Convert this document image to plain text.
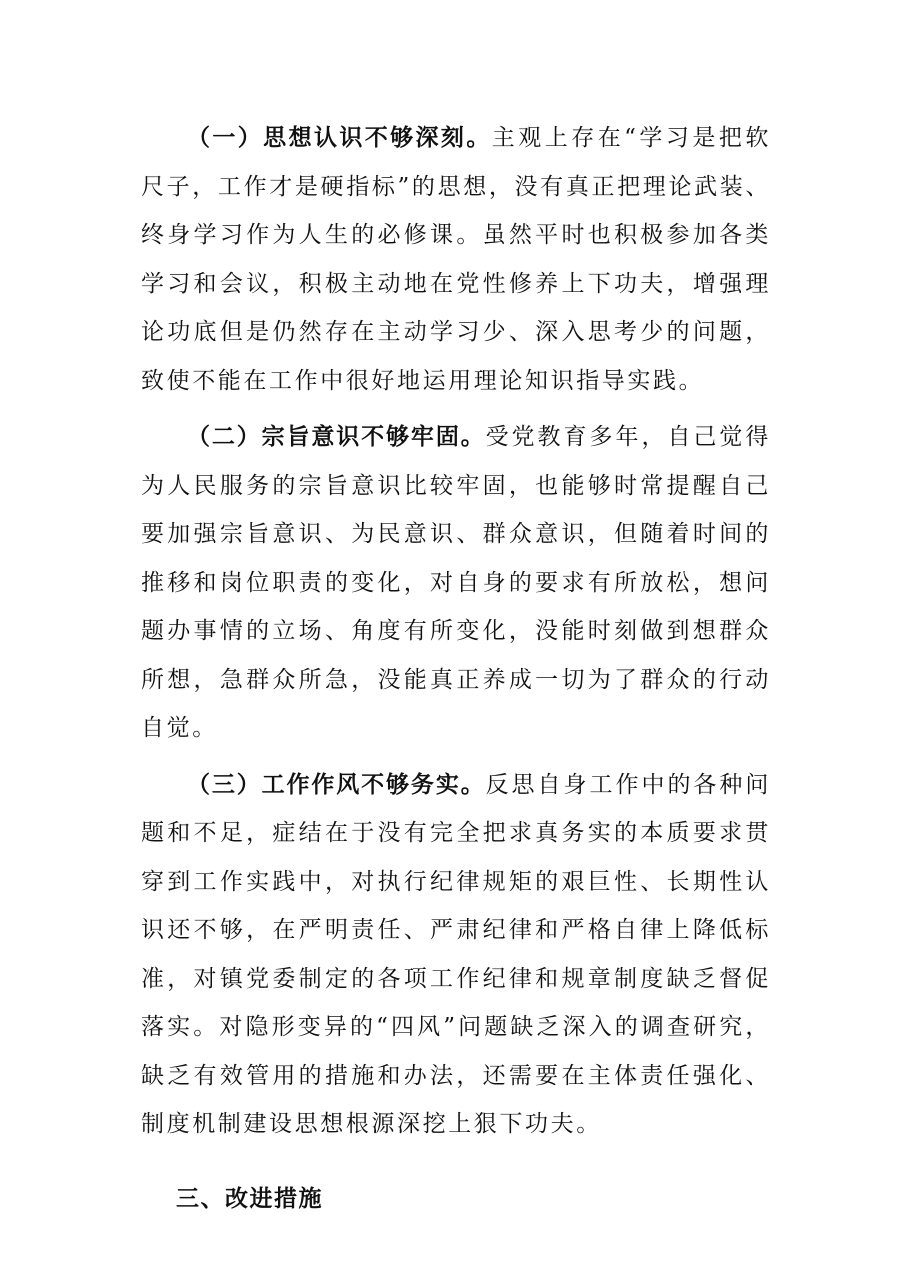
（一）思想认识不够深刻。主观上存在“学习是把软尺子，工作才是硬指标”的思想，没有真正把理论武装、终身学习作为人生的必修课。虽然平时也积极参加各类学习和会议，积极主动地在党性修养上下功夫，增强理论功底但是仍然存在主动学习少、深入思考少的问题，致使不能在工作中很好地运用理论知识指导实践。

（二）宗旨意识不够牢固。受党教育多年，自己觉得为人民服务的宗旨意识比较牢固，也能够时常提醒自己要加强宗旨意识、为民意识、群众意识，但随着时间的推移和岗位职责的变化，对自身的要求有所放松，想问题办事情的立场、角度有所变化，没能时刻做到想群众所想，急群众所急，没能真正养成一切为了群众的行动自觉。

（三）工作作风不够务实。反思自身工作中的各种问题和不足，症结在于没有完全把求真务实的本质要求贯穿到工作实践中，对执行纪律规矩的艰巨性、长期性认识还不够，在严明责任、严肃纪律和严格自律上降低标准，对镇党委制定的各项工作纪律和规章制度缺乏督促落实。对隐形变异的“四风”问题缺乏深入的调查研究，缺乏有效管用的措施和办法，还需要在主体责任强化、制度机制建设思想根源深挖上狠下功夫。

三、改进措施
